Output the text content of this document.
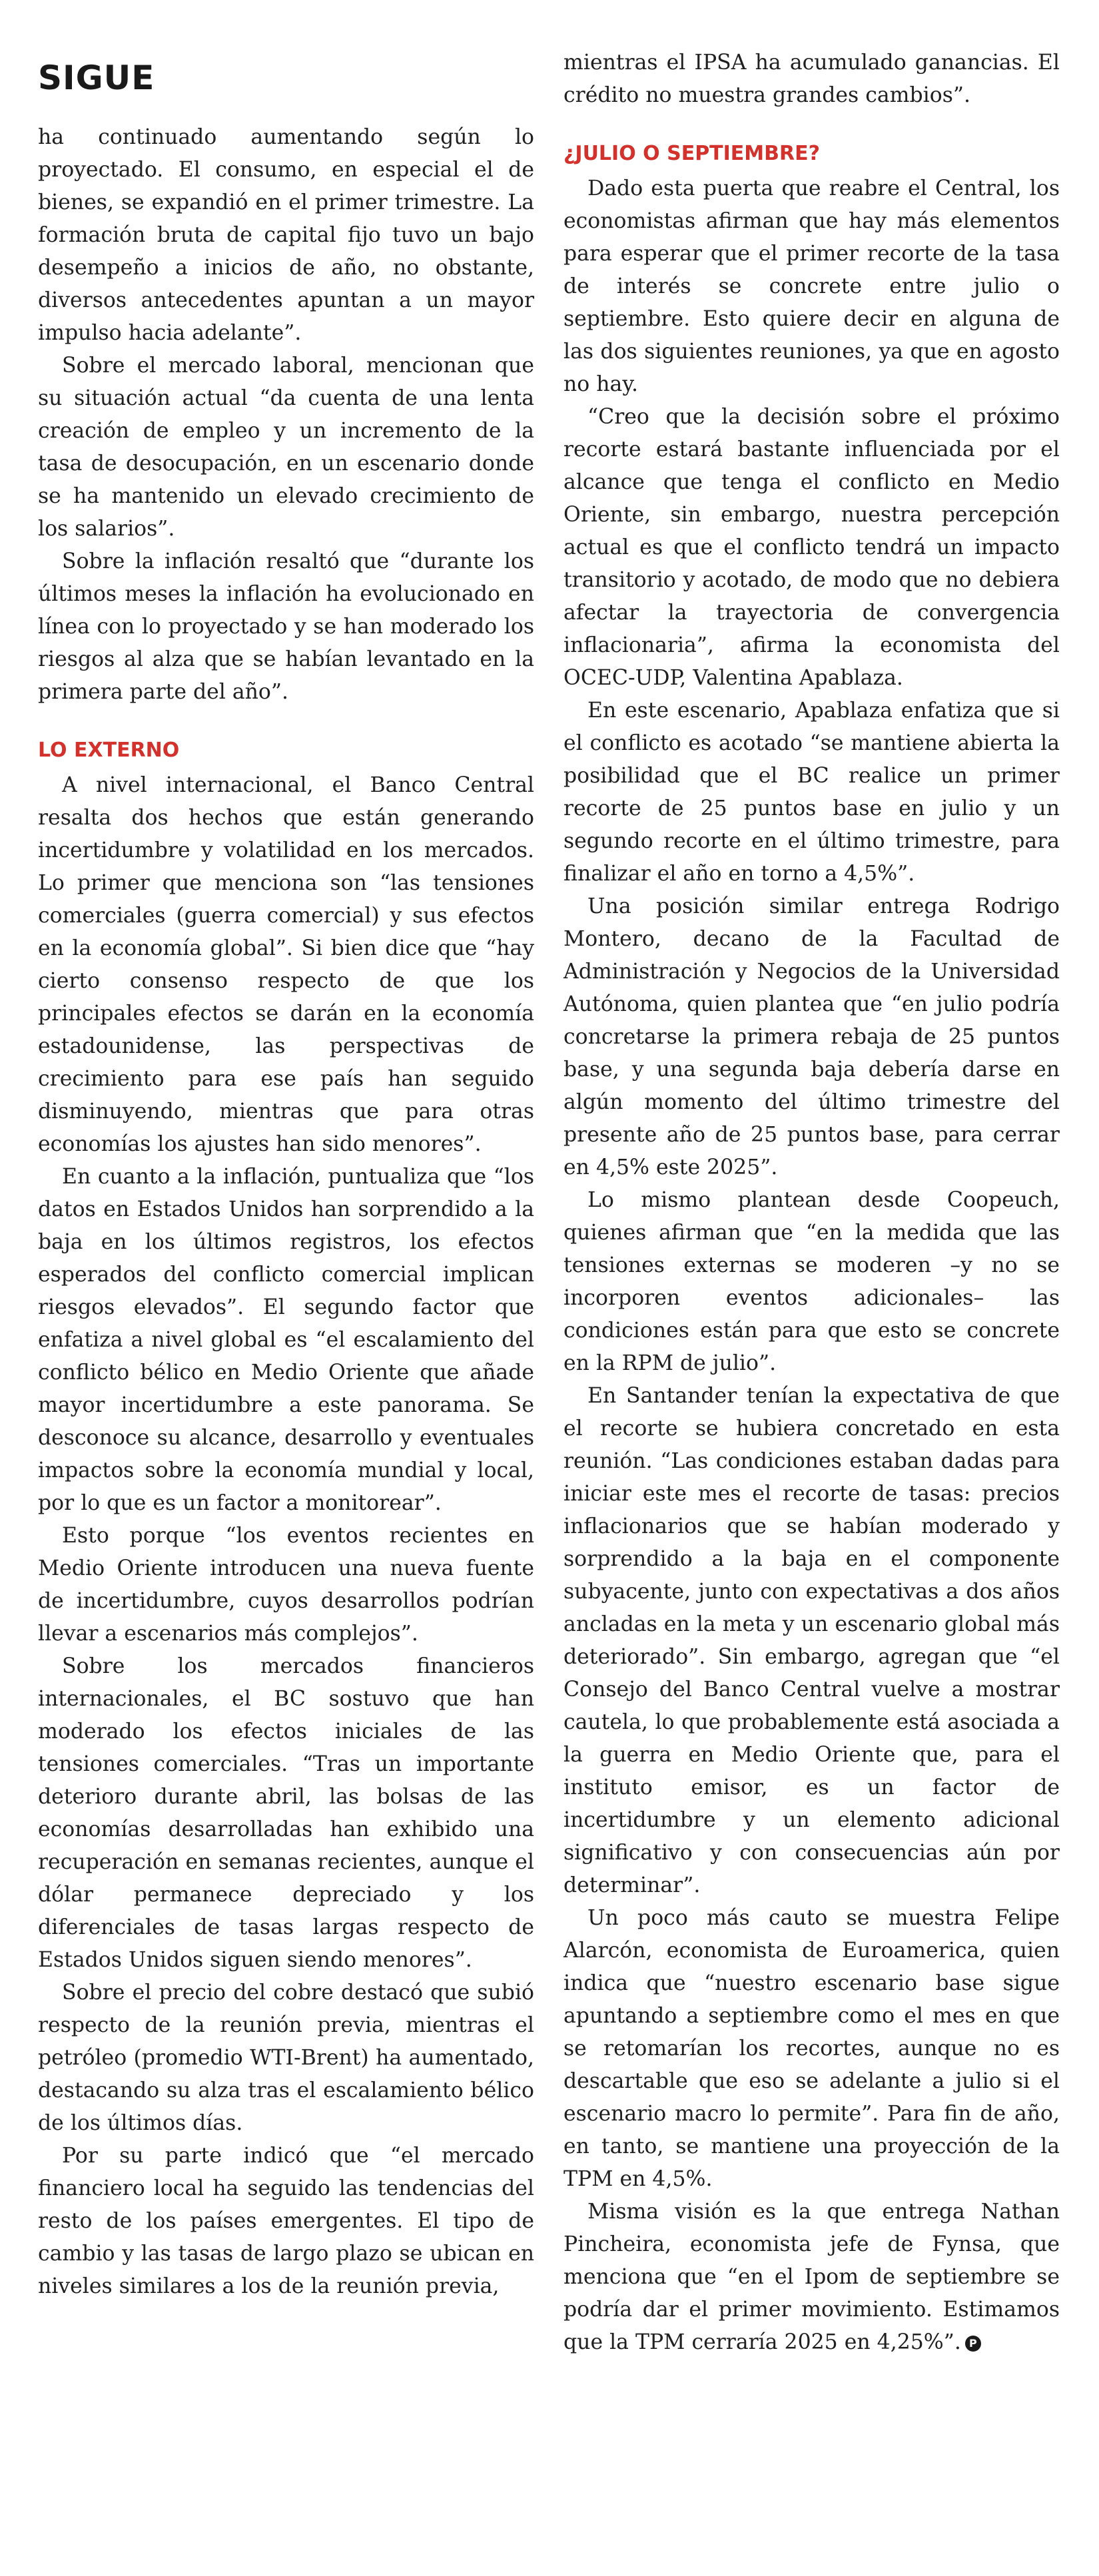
SIGUE

ha continuado aumentando según lo proyectado. El consumo, en especial el de bienes, se expandió en el primer trimestre. La formación bruta de capital fijo tuvo un bajo desempeño a inicios de año, no obstante, diversos antecedentes apuntan a un mayor impulso hacia adelante”.

Sobre el mercado laboral, mencionan que su situación actual “da cuenta de una lenta creación de empleo y un incremento de la tasa de desocupación, en un escenario donde se ha mantenido un elevado crecimiento de los salarios”.

Sobre la inflación resaltó que “durante los últimos meses la inflación ha evolucionado en línea con lo proyectado y se han moderado los riesgos al alza que se habían levantado en la primera parte del año”.

LO EXTERNO

A nivel internacional, el Banco Central resalta dos hechos que están generando incertidumbre y volatilidad en los mercados. Lo primer que menciona son “las tensiones comerciales (guerra comercial) y sus efectos en la economía global”. Si bien dice que “hay cierto consenso respecto de que los principales efectos se darán en la economía estadounidense, las perspectivas de crecimiento para ese país han seguido disminuyendo, mientras que para otras economías los ajustes han sido menores”.

En cuanto a la inflación, puntualiza que “los datos en Estados Unidos han sorprendido a la baja en los últimos registros, los efectos esperados del conflicto comercial implican riesgos elevados”. El segundo factor que enfatiza a nivel global es “el escalamiento del conflicto bélico en Medio Oriente que añade mayor incertidumbre a este panorama. Se desconoce su alcance, desarrollo y eventuales impactos sobre la economía mundial y local, por lo que es un factor a monitorear”.

Esto porque “los eventos recientes en Medio Oriente introducen una nueva fuente de incertidumbre, cuyos desarrollos podrían llevar a escenarios más complejos”.

Sobre los mercados financieros internacionales, el BC sostuvo que han moderado los efectos iniciales de las tensiones comerciales. “Tras un importante deterioro durante abril, las bolsas de las economías desarrolladas han exhibido una recuperación en semanas recientes, aunque el dólar permanece depreciado y los diferenciales de tasas largas respecto de Estados Unidos siguen siendo menores”.

Sobre el precio del cobre destacó que subió respecto de la reunión previa, mientras el petróleo (promedio WTI-Brent) ha aumentado, destacando su alza tras el escalamiento bélico de los últimos días.

Por su parte indicó que “el mercado financiero local ha seguido las tendencias del resto de los países emergentes. El tipo de cambio y las tasas de largo plazo se ubican en niveles similares a los de la reunión previa,

mientras el IPSA ha acumulado ganancias. El crédito no muestra grandes cambios”.

¿JULIO O SEPTIEMBRE?

Dado esta puerta que reabre el Central, los economistas afirman que hay más elementos para esperar que el primer recorte de la tasa de interés se concrete entre julio o septiembre. Esto quiere decir en alguna de las dos siguientes reuniones, ya que en agosto no hay.

“Creo que la decisión sobre el próximo recorte estará bastante influenciada por el alcance que tenga el conflicto en Medio Oriente, sin embargo, nuestra percepción actual es que el conflicto tendrá un impacto transitorio y acotado, de modo que no debiera afectar la trayectoria de convergencia inflacionaria”, afirma la economista del OCEC-UDP, Valentina Apablaza.

En este escenario, Apablaza enfatiza que si el conflicto es acotado “se mantiene abierta la posibilidad que el BC realice un primer recorte de 25 puntos base en julio y un segundo recorte en el último trimestre, para finalizar el año en torno a 4,5%”.

Una posición similar entrega Rodrigo Montero, decano de la Facultad de Administración y Negocios de la Universidad Autónoma, quien plantea que “en julio podría concretarse la primera rebaja de 25 puntos base, y una segunda baja debería darse en algún momento del último trimestre del presente año de 25 puntos base, para cerrar en 4,5% este 2025”.

Lo mismo plantean desde Coopeuch, quienes afirman que “en la medida que las tensiones externas se moderen –y no se incorporen eventos adicionales– las condiciones están para que esto se concrete en la RPM de julio”.

En Santander tenían la expectativa de que el recorte se hubiera concretado en esta reunión. “Las condiciones estaban dadas para iniciar este mes el recorte de tasas: precios inflacionarios que se habían moderado y sorprendido a la baja en el componente subyacente, junto con expectativas a dos años ancladas en la meta y un escenario global más deteriorado”. Sin embargo, agregan que “el Consejo del Banco Central vuelve a mostrar cautela, lo que probablemente está asociada a la guerra en Medio Oriente que, para el instituto emisor, es un factor de incertidumbre y un elemento adicional significativo y con consecuencias aún por determinar”.

Un poco más cauto se muestra Felipe Alarcón, economista de Euroamerica, quien indica que “nuestro escenario base sigue apuntando a septiembre como el mes en que se retomarían los recortes, aunque no es descartable que eso se adelante a julio si el escenario macro lo permite”. Para fin de año, en tanto, se mantiene una proyección de la TPM en 4,5%.

Misma visión es la que entrega Nathan Pincheira, economista jefe de Fynsa, que menciona que “en el Ipom de septiembre se podría dar el primer movimiento. Estimamos que la TPM cerraría 2025 en 4,25%”. P
